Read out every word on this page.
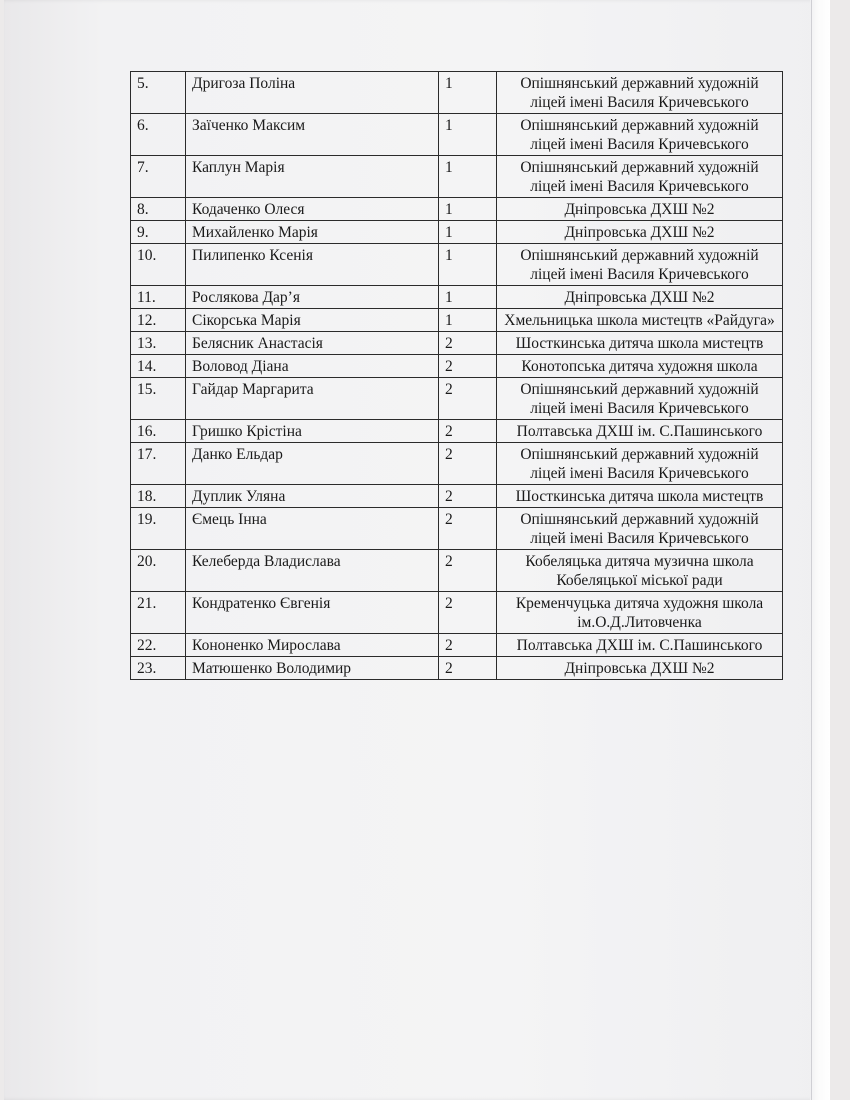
5.	Дригоза Поліна	1	Опішнянський державний художній ліцей імені Василя Кричевського
6.	Заїченко Максим	1	Опішнянський державний художній ліцей імені Василя Кричевського
7.	Каплун Марія	1	Опішнянський державний художній ліцей імені Василя Кричевського
8.	Кодаченко Олеся	1	Дніпровська ДХШ №2
9.	Михайленко Марія	1	Дніпровська ДХШ №2
10.	Пилипенко Ксенія	1	Опішнянський державний художній ліцей імені Василя Кричевського
11.	Рослякова Дар’я	1	Дніпровська ДХШ №2
12.	Сікорська Марія	1	Хмельницька школа мистецтв «Райдуга»
13.	Белясник Анастасія	2	Шосткинська дитяча школа мистецтв
14.	Воловод Діана	2	Конотопська дитяча художня школа
15.	Гайдар Маргарита	2	Опішнянський державний художній ліцей імені Василя Кричевського
16.	Гришко Крістіна	2	Полтавська ДХШ ім. С.Пашинського
17.	Данко Ельдар	2	Опішнянський державний художній ліцей імені Василя Кричевського
18.	Дуплик Уляна	2	Шосткинська дитяча школа мистецтв
19.	Ємець Інна	2	Опішнянський державний художній ліцей імені Василя Кричевського
20.	Келеберда Владислава	2	Кобеляцька дитяча музична школа Кобеляцької міської ради
21.	Кондратенко Євгенія	2	Кременчуцька дитяча художня школа ім.О.Д.Литовченка
22.	Кононенко Мирослава	2	Полтавська ДХШ ім. С.Пашинського
23.	Матюшенко Володимир	2	Дніпровська ДХШ №2
